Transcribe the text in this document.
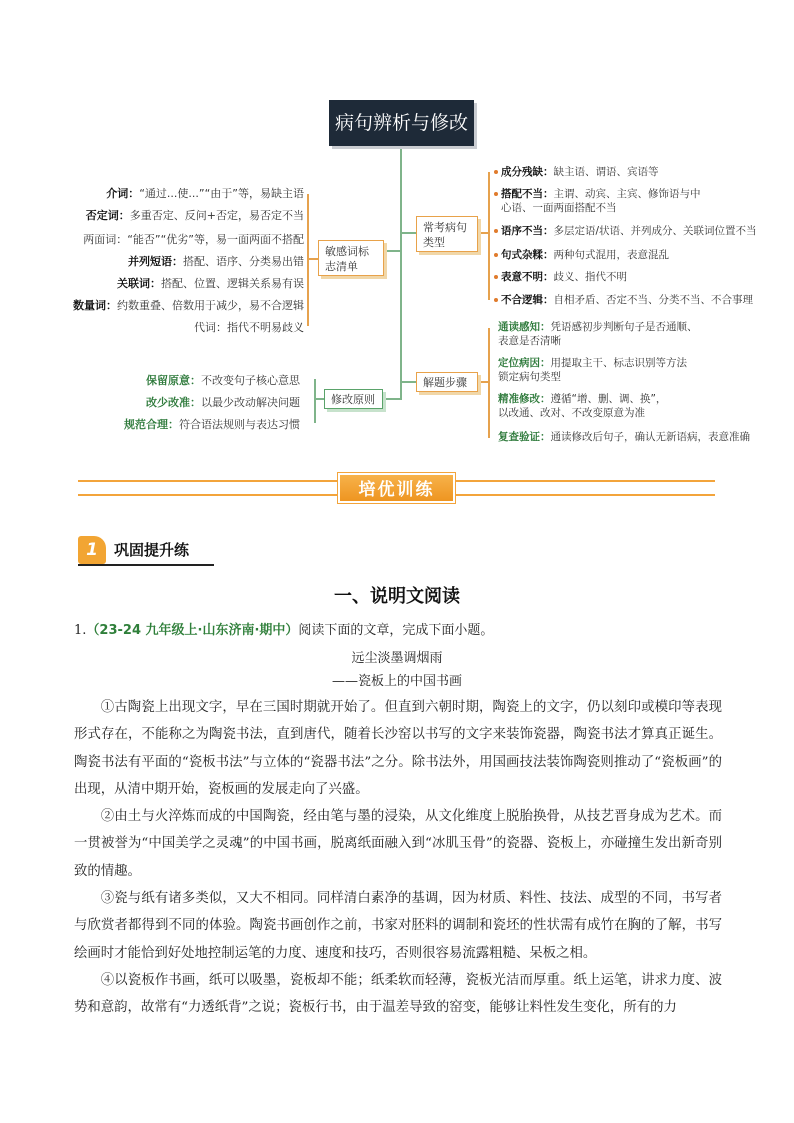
病句辨析与修改
敏感词标志清单
常考病句类型
解题步骤
修改原则
介词：“通过...使...”“由于”等，易缺主语
否定词：多重否定、反问+否定，易否定不当
两面词：“能否”“优劣”等，易一面两面不搭配
并列短语：搭配、语序、分类易出错
关联词：搭配、位置、逻辑关系易有误
数量词：约数重叠、倍数用于减少，易不合逻辑
代词：指代不明易歧义
成分残缺：缺主语、谓语、宾语等
搭配不当：主谓、动宾、主宾、修饰语与中
心语、一面两面搭配不当
语序不当：多层定语/状语、并列成分、关联词位置不当
句式杂糅：两种句式混用，表意混乱
表意不明：歧义、指代不明
不合逻辑：自相矛盾、否定不当、分类不当、不合事理
通读感知：凭语感初步判断句子是否通顺、
表意是否清晰
定位病因：用提取主干、标志识别等方法
锁定病句类型
精准修改：遵循“增、删、调、换”，
以改通、改对、不改变原意为准
复查验证：通读修改后句子，确认无新语病，表意准确
保留原意：不改变句子核心意思
改少改准：以最少改动解决问题
规范合理：符合语法规则与表达习惯
培优训练
1	巩固提升练
一、说明文阅读
1.（23-24 九年级上·山东济南·期中）阅读下面的文章，完成下面小题。
远尘淡墨调烟雨
——瓷板上的中国书画

①古陶瓷上出现文字，早在三国时期就开始了。但直到六朝时期，陶瓷上的文字，仍以刻印或模印等表现形式存在，不能称之为陶瓷书法，直到唐代，随着长沙窑以书写的文字来装饰瓷器，陶瓷书法才算真正诞生。陶瓷书法有平面的“瓷板书法”与立体的“瓷器书法”之分。除书法外，用国画技法装饰陶瓷则推动了“瓷板画”的出现，从清中期开始，瓷板画的发展走向了兴盛。

②由土与火淬炼而成的中国陶瓷，经由笔与墨的浸染，从文化维度上脱胎换骨，从技艺晋身成为艺术。而一贯被誉为“中国美学之灵魂”的中国书画，脱离纸面融入到“冰肌玉骨”的瓷器、瓷板上，亦碰撞生发出新奇别致的情趣。

③瓷与纸有诸多类似，又大不相同。同样清白素净的基调，因为材质、料性、技法、成型的不同，书写者与欣赏者都得到不同的体验。陶瓷书画创作之前，书家对胚料的调制和瓷坯的性状需有成竹在胸的了解，书写绘画时才能恰到好处地控制运笔的力度、速度和技巧，否则很容易流露粗糙、呆板之相。

④以瓷板作书画，纸可以吸墨，瓷板却不能；纸柔软而轻薄，瓷板光洁而厚重。纸上运笔，讲求力度、波势和意韵，故常有“力透纸背”之说；瓷板行书，由于温差导致的窑变，能够让料性发生变化，所有的力
